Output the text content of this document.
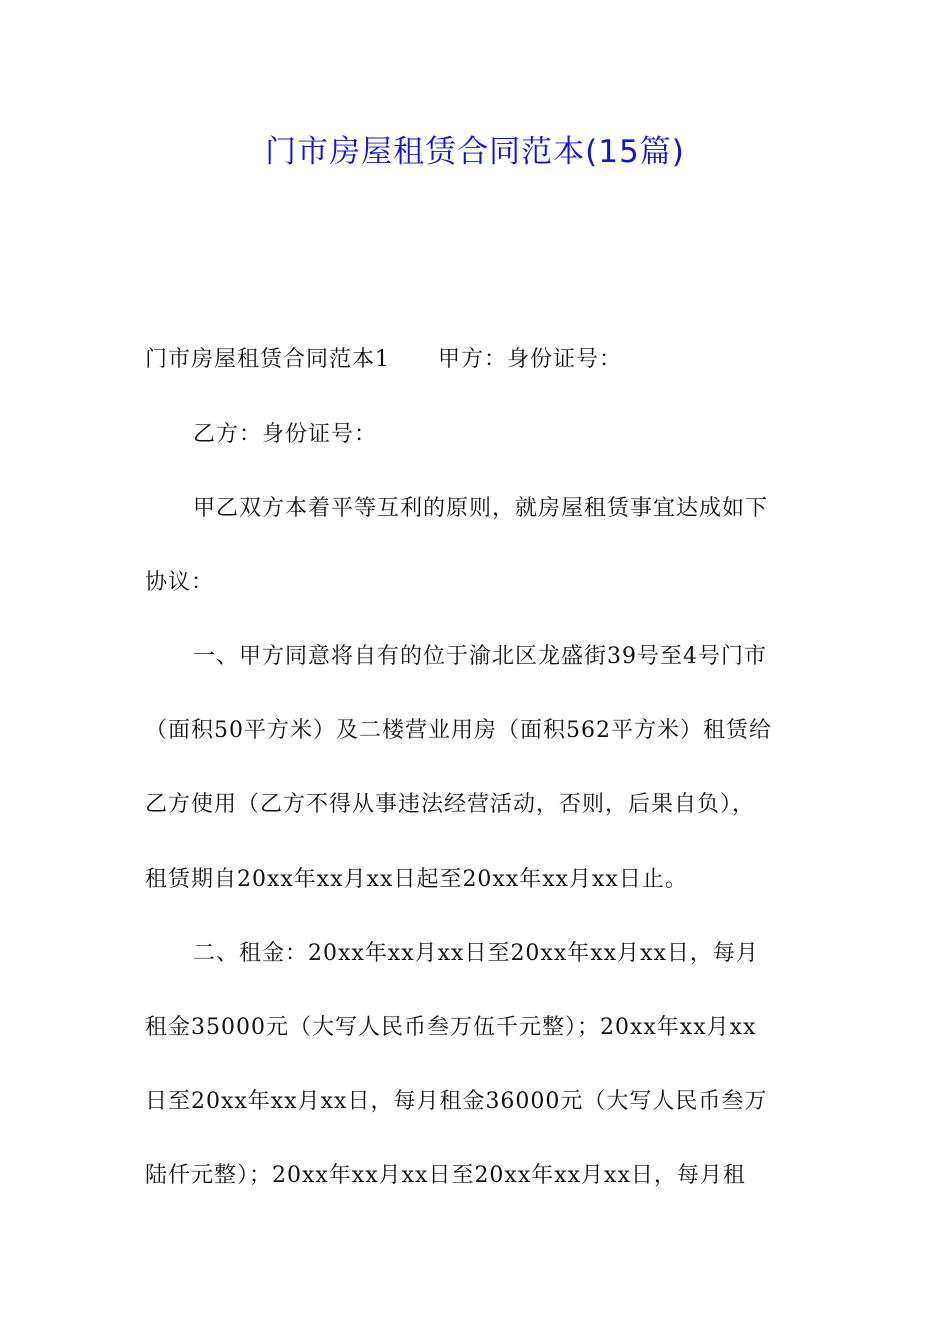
门市房屋租赁合同范本(15篇)
门市房屋租赁合同范本1 甲方：身份证号：
乙方：身份证号：
甲乙双方本着平等互利的原则，就房屋租赁事宜达成如下
协议：
一、甲方同意将自有的位于渝北区龙盛街39号至4号门市
（面积50平方米）及二楼营业用房（面积562平方米）租赁给
乙方使用（乙方不得从事违法经营活动，否则，后果自负），
租赁期自20xx年xx月xx日起至20xx年xx月xx日止。
二、租金：20xx年xx月xx日至20xx年xx月xx日，每月
租金35000元（大写人民币叁万伍千元整）；20xx年xx月xx
日至20xx年xx月xx日，每月租金36000元（大写人民币叁万
陆仟元整）；20xx年xx月xx日至20xx年xx月xx日，每月租
